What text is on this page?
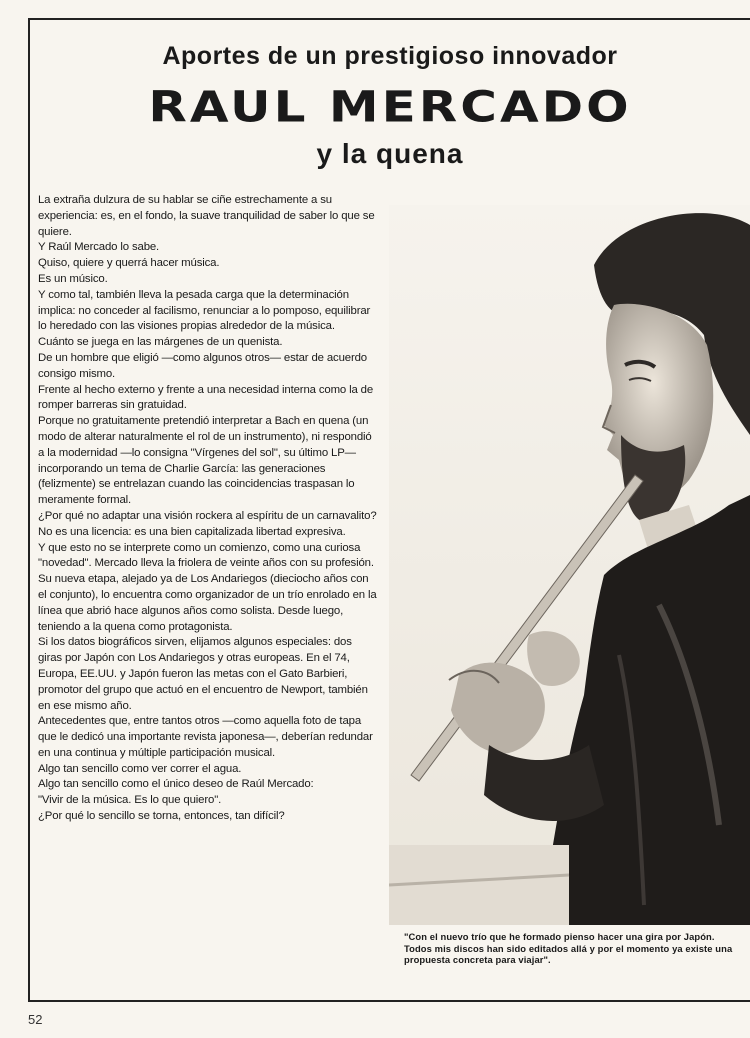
Aportes de un prestigioso innovador
RAUL MERCADO
y la quena

La extraña dulzura de su hablar se ciñe estrechamente a su experiencia: es, en el fondo, la suave tranquilidad de saber lo que se quiere.

Y Raúl Mercado lo sabe.

Quiso, quiere y querrá hacer música.

Es un músico.

Y como tal, también lleva la pesada carga que la determinación implica: no conceder al facilismo, renunciar a lo pomposo, equilibrar lo heredado con las visiones propias alrededor de la música.

Cuánto se juega en las márgenes de un quenista.

De un hombre que eligió —como algunos otros— estar de acuerdo consigo mismo.

Frente al hecho externo y frente a una necesidad interna como la de romper barreras sin gratuidad.

Porque no gratuitamente pretendió interpretar a Bach en quena (un modo de alterar naturalmente el rol de un instrumento), ni respondió a la modernidad —lo consigna "Vírgenes del sol", su último LP— incorporando un tema de Charlie García: las generaciones (felizmente) se entrelazan cuando las coincidencias traspasan lo meramente formal.

¿Por qué no adaptar una visión rockera al espíritu de un carnavalito?

No es una licencia: es una bien capitalizada libertad expresiva.

Y que esto no se interprete como un comienzo, como una curiosa "novedad". Mercado lleva la friolera de veinte años con su profesión.

Su nueva etapa, alejado ya de Los Andariegos (dieciocho años con el conjunto), lo encuentra como organizador de un trío enrolado en la línea que abrió hace algunos años como solista. Desde luego, teniendo a la quena como protagonista.

Si los datos biográficos sirven, elijamos algunos especiales: dos giras por Japón con Los Andariegos y otras europeas. En el 74, Europa, EE.UU. y Japón fueron las metas con el Gato Barbieri, promotor del grupo que actuó en el encuentro de Newport, también en ese mismo año.

Antecedentes que, entre tantos otros —como aquella foto de tapa que le dedicó una importante revista japonesa—, deberían redundar en una continua y múltiple participación musical.

Algo tan sencillo como ver correr el agua.

Algo tan sencillo como el único deseo de Raúl Mercado:

"Vivir de la música. Es lo que quiero".

¿Por qué lo sencillo se torna, entonces, tan difícil?

"Con el nuevo trío que he formado pienso hacer una gira por Japón. Todos mis discos han sido editados allá y por el momento ya existe una propuesta concreta para viajar".
52
